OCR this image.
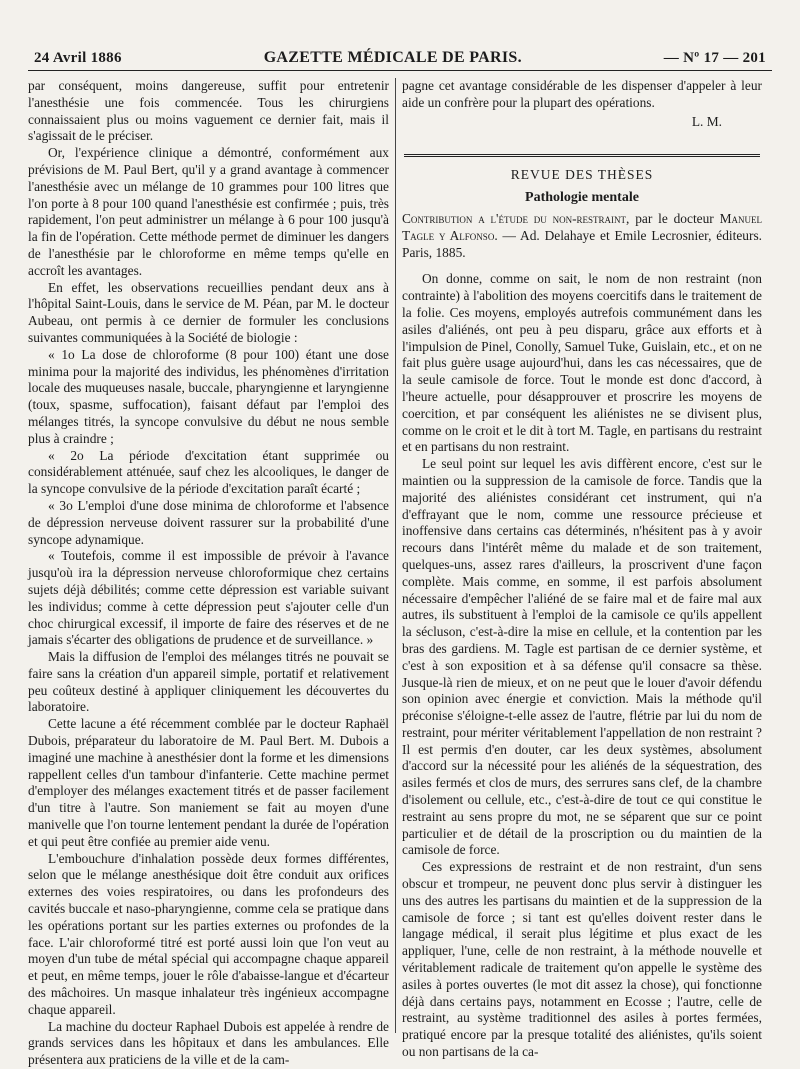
24 Avril 1886	GAZETTE MÉDICALE DE PARIS.	— Nº 17 — 201

par conséquent, moins dangereuse, suffit pour entretenir l'anesthésie une fois commencée. Tous les chirurgiens connaissaient plus ou moins vaguement ce dernier fait, mais il s'agissait de le préciser.

Or, l'expérience clinique a démontré, conformément aux prévisions de M. Paul Bert, qu'il y a grand avantage à commencer l'anesthésie avec un mélange de 10 grammes pour 100 litres que l'on porte à 8 pour 100 quand l'anesthésie est confirmée ; puis, très rapidement, l'on peut administrer un mélange à 6 pour 100 jusqu'à la fin de l'opération. Cette méthode permet de diminuer les dangers de l'anesthésie par le chloroforme en même temps qu'elle en accroît les avantages.

En effet, les observations recueillies pendant deux ans à l'hôpital Saint-Louis, dans le service de M. Péan, par M. le docteur Aubeau, ont permis à ce dernier de formuler les conclusions suivantes communiquées à la Société de biologie :

« 1o La dose de chloroforme (8 pour 100) étant une dose minima pour la majorité des individus, les phénomènes d'irritation locale des muqueuses nasale, buccale, pharyngienne et laryngienne (toux, spasme, suffocation), faisant défaut par l'emploi des mélanges titrés, la syncope convulsive du début ne nous semble plus à craindre ;

« 2o La période d'excitation étant supprimée ou considérablement atténuée, sauf chez les alcooliques, le danger de la syncope convulsive de la période d'excitation paraît écarté ;

« 3o L'emploi d'une dose minima de chloroforme et l'absence de dépression nerveuse doivent rassurer sur la probabilité d'une syncope adynamique.

« Toutefois, comme il est impossible de prévoir à l'avance jusqu'où ira la dépression nerveuse chloroformique chez certains sujets déjà débilités; comme cette dépression est variable suivant les individus; comme à cette dépression peut s'ajouter celle d'un choc chirurgical excessif, il importe de faire des réserves et de ne jamais s'écarter des obligations de prudence et de surveillance. »

Mais la diffusion de l'emploi des mélanges titrés ne pouvait se faire sans la création d'un appareil simple, portatif et relativement peu coûteux destiné à appliquer cliniquement les découvertes du laboratoire.

Cette lacune a été récemment comblée par le docteur Raphaël Dubois, préparateur du laboratoire de M. Paul Bert. M. Dubois a imaginé une machine à anesthésier dont la forme et les dimensions rappellent celles d'un tambour d'infanterie. Cette machine permet d'employer des mélanges exactement titrés et de passer facilement d'un titre à l'autre. Son maniement se fait au moyen d'une manivelle que l'on tourne lentement pendant la durée de l'opération et qui peut être confiée au premier aide venu.

L'embouchure d'inhalation possède deux formes différentes, selon que le mélange anesthésique doit être conduit aux orifices externes des voies respiratoires, ou dans les profondeurs des cavités buccale et naso-pharyngienne, comme cela se pratique dans les opérations portant sur les parties externes ou profondes de la face. L'air chloroformé titré est porté aussi loin que l'on veut au moyen d'un tube de métal spécial qui accompagne chaque appareil et peut, en même temps, jouer le rôle d'abaisse-langue et d'écarteur des mâchoires. Un masque inhalateur très ingénieux accompagne chaque appareil.

La machine du docteur Raphael Dubois est appelée à rendre de grands services dans les hôpitaux et dans les ambulances. Elle présentera aux praticiens de la ville et de la cam-

pagne cet avantage considérable de les dispenser d'appeler à leur aide un confrère pour la plupart des opérations.

L. M.
REVUE DES THÈSES
Pathologie mentale

Contribution a l'étude du non-restraint, par le docteur Manuel Tagle y Alfonso. — Ad. Delahaye et Emile Lecrosnier, éditeurs. Paris, 1885.

On donne, comme on sait, le nom de non restraint (non contrainte) à l'abolition des moyens coercitifs dans le traitement de la folie. Ces moyens, employés autrefois communément dans les asiles d'aliénés, ont peu à peu disparu, grâce aux efforts et à l'impulsion de Pinel, Conolly, Samuel Tuke, Guislain, etc., et on ne fait plus guère usage aujourd'hui, dans les cas nécessaires, que de la seule camisole de force. Tout le monde est donc d'accord, à l'heure actuelle, pour désapprouver et proscrire les moyens de coercition, et par conséquent les aliénistes ne se divisent plus, comme on le croit et le dit à tort M. Tagle, en partisans du restraint et en partisans du non restraint.

Le seul point sur lequel les avis diffèrent encore, c'est sur le maintien ou la suppression de la camisole de force. Tandis que la majorité des aliénistes considérant cet instrument, qui n'a d'effrayant que le nom, comme une ressource précieuse et inoffensive dans certains cas déterminés, n'hésitent pas à y avoir recours dans l'intérêt même du malade et de son traitement, quelques-uns, assez rares d'ailleurs, la proscrivent d'une façon complète. Mais comme, en somme, il est parfois absolument nécessaire d'empêcher l'aliéné de se faire mal et de faire mal aux autres, ils substituent à l'emploi de la camisole ce qu'ils appellent la sécluson, c'est-à-dire la mise en cellule, et la contention par les bras des gardiens. M. Tagle est partisan de ce dernier système, et c'est à son exposition et à sa défense qu'il consacre sa thèse. Jusque-là rien de mieux, et on ne peut que le louer d'avoir défendu son opinion avec énergie et conviction. Mais la méthode qu'il préconise s'éloigne-t-elle assez de l'autre, flétrie par lui du nom de restraint, pour mériter véritablement l'appellation de non restraint ? Il est permis d'en douter, car les deux systèmes, absolument d'accord sur la nécessité pour les aliénés de la séquestration, des asiles fermés et clos de murs, des serrures sans clef, de la chambre d'isolement ou cellule, etc., c'est-à-dire de tout ce qui constitue le restraint au sens propre du mot, ne se séparent que sur ce point particulier et de détail de la proscription ou du maintien de la camisole de force.

Ces expressions de restraint et de non restraint, d'un sens obscur et trompeur, ne peuvent donc plus servir à distinguer les uns des autres les partisans du maintien et de la suppression de la camisole de force ; si tant est qu'elles doivent rester dans le langage médical, il serait plus légitime et plus exact de les appliquer, l'une, celle de non restraint, à la méthode nouvelle et véritablement radicale de traitement qu'on appelle le système des asiles à portes ouvertes (le mot dit assez la chose), qui fonctionne déjà dans certains pays, notamment en Ecosse ; l'autre, celle de restraint, au système traditionnel des asiles à portes fermées, pratiqué encore par la presque totalité des aliénistes, qu'ils soient ou non partisans de la ca-
